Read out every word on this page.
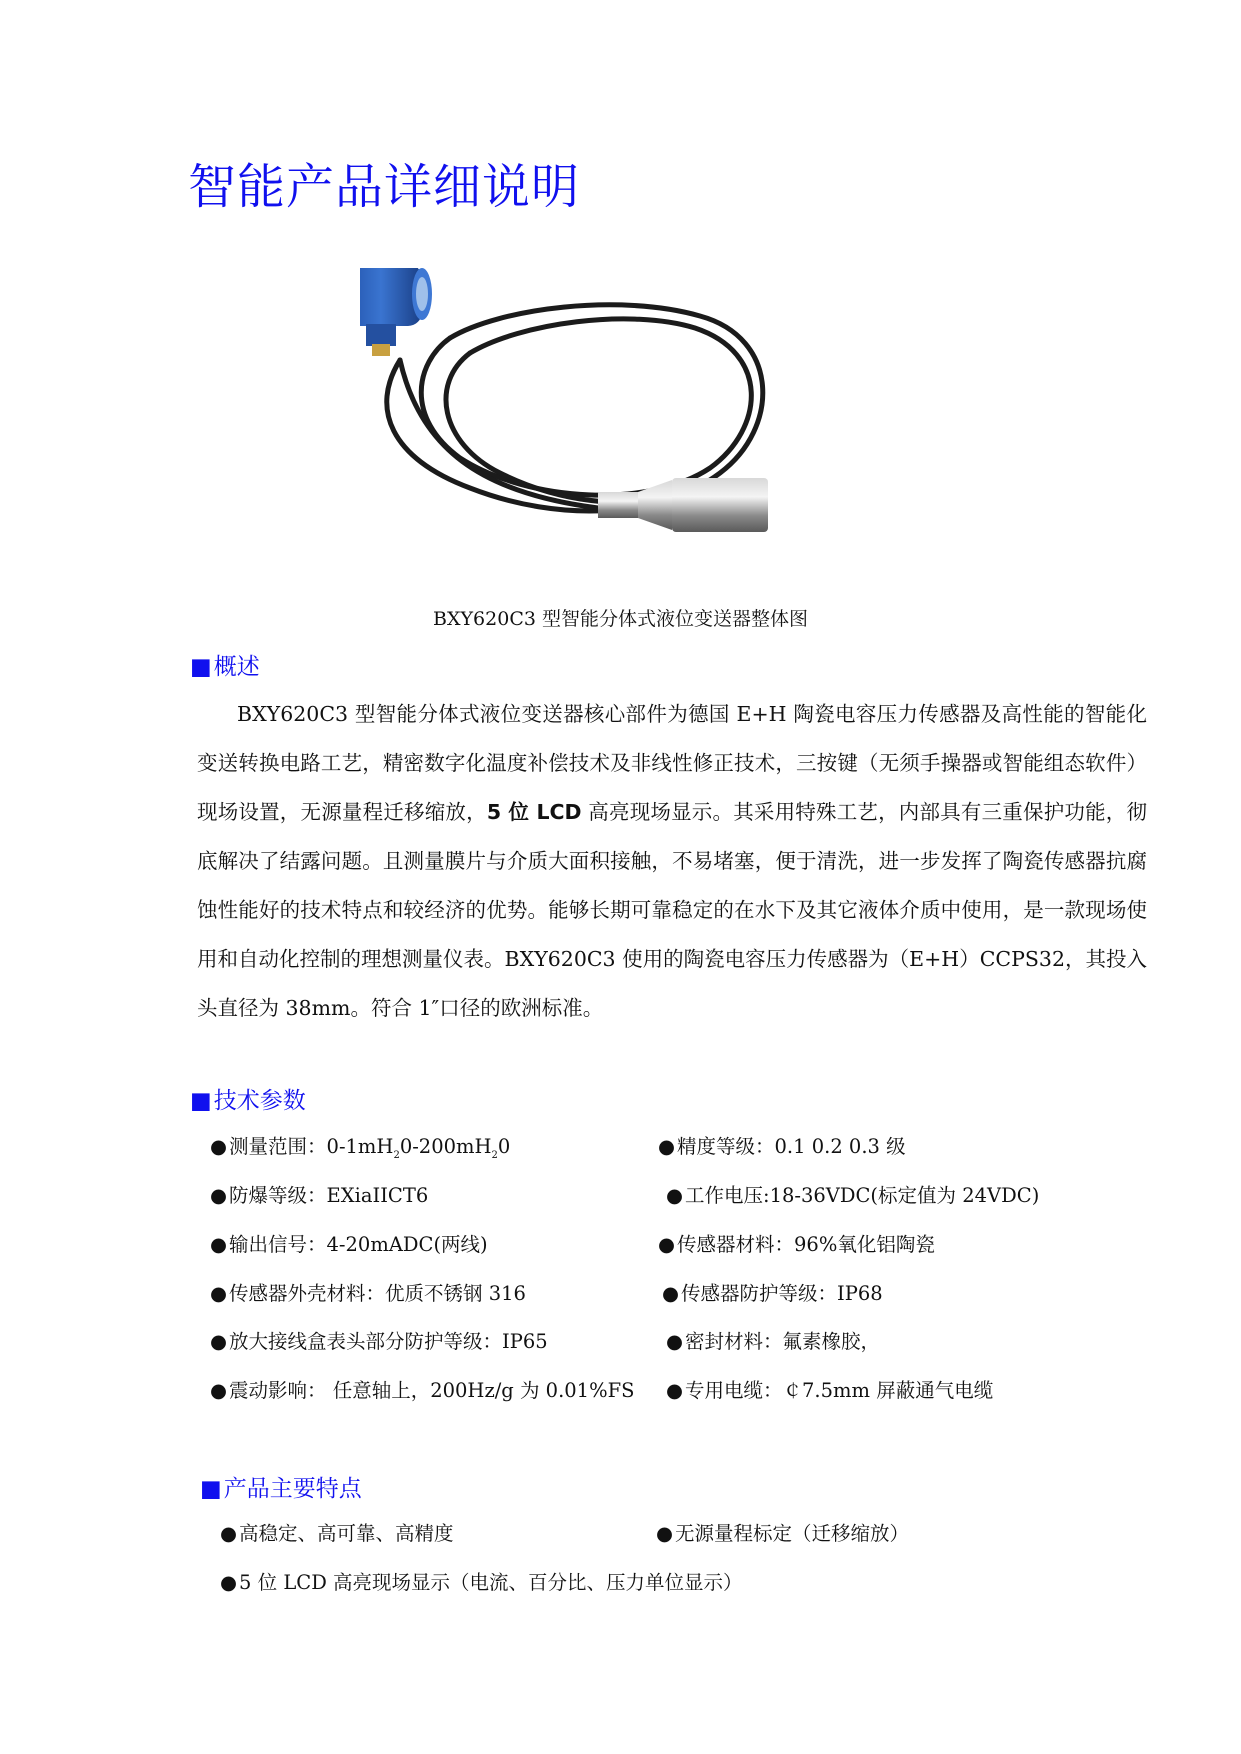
智能产品详细说明
BXY620C3 型智能分体式液位变送器整体图
■概述

BXY620C3 型智能分体式液位变送器核心部件为德国 E+H 陶瓷电容压力传感器及高性能的智能化变送转换电路工艺，精密数字化温度补偿技术及非线性修正技术，三按键（无须手操器或智能组态软件）现场设置，无源量程迁移缩放，5 位 LCD 高亮现场显示。其采用特殊工艺，内部具有三重保护功能，彻底解决了结露问题。且测量膜片与介质大面积接触，不易堵塞，便于清洗，进一步发挥了陶瓷传感器抗腐蚀性能好的技术特点和较经济的优势。能够长期可靠稳定的在水下及其它液体介质中使用，是一款现场使用和自动化控制的理想测量仪表。BXY620C3 使用的陶瓷电容压力传感器为（E+H）CCPS32，其投入头直径为 38mm。符合 1″口径的欧洲标准。

■技术参数
● 测量范围：$0-1mH_20-200mH_20$	● 精度等级：0.1 0.2 0.3 级
● 防爆等级：EXiaIICT6	● 工作电压:18-36VDC(标定值为 24VDC)
● 输出信号：4-20mADC(两线)	● 传感器材料：96%氧化铝陶瓷
● 传感器外壳材料：优质不锈钢 316	● 传感器防护等级：IP68
● 放大接线盒表头部分防护等级：IP65	● 密封材料：氟素橡胶，
● 震动影响： 任意轴上，200Hz/g 为 0.01%FS ● 专用电缆：￠7.5mm 屏蔽通气电缆
■产品主要特点
● 高稳定、高可靠、高精度	● 无源量程标定（迁移缩放）
● 5 位 LCD 高亮现场显示（电流、百分比、压力单位显示）
